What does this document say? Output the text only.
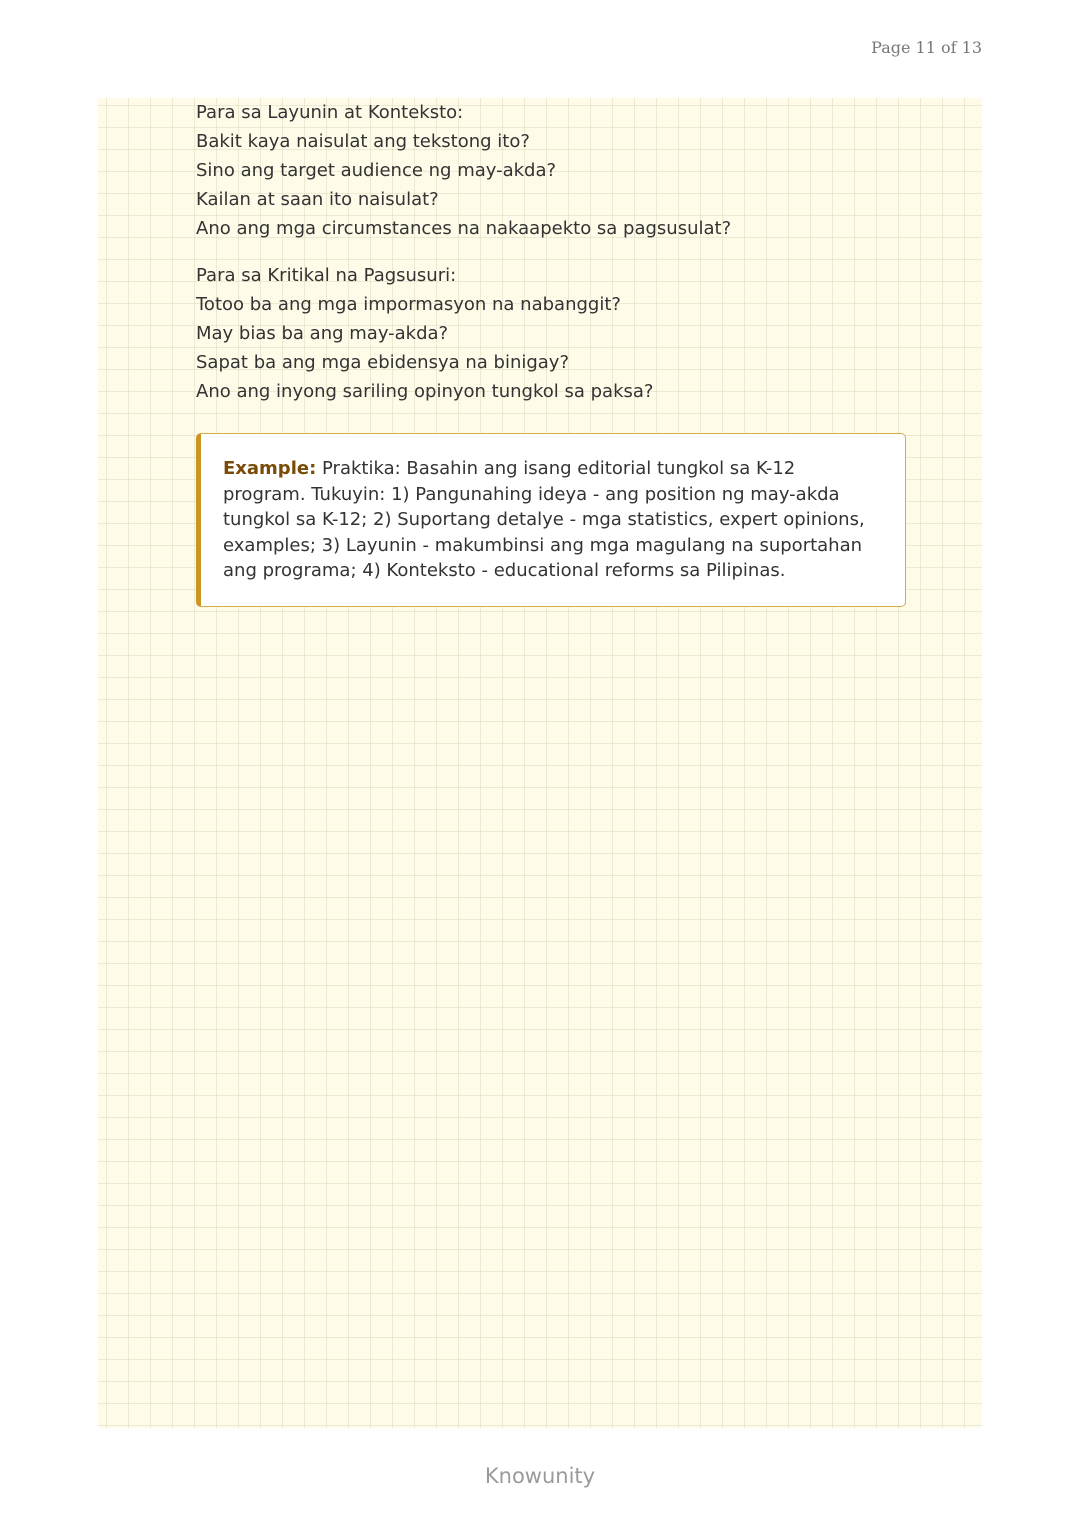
Page 11 of 13
Para sa Layunin at Konteksto:
Bakit kaya naisulat ang tekstong ito?
Sino ang target audience ng may-akda?
Kailan at saan ito naisulat?
Ano ang mga circumstances na nakaapekto sa pagsusulat?
Para sa Kritikal na Pagsusuri:
Totoo ba ang mga impormasyon na nabanggit?
May bias ba ang may-akda?
Sapat ba ang mga ebidensya na binigay?
Ano ang inyong sariling opinyon tungkol sa paksa?
Example: Praktika: Basahin ang isang editorial tungkol sa K-12 program. Tukuyin: 1) Pangunahing ideya - ang position ng may-akda tungkol sa K-12; 2) Suportang detalye - mga statistics, expert opinions, examples; 3) Layunin - makumbinsi ang mga magulang na suportahan ang programa; 4) Konteksto - educational reforms sa Pilipinas.
Knowunity
